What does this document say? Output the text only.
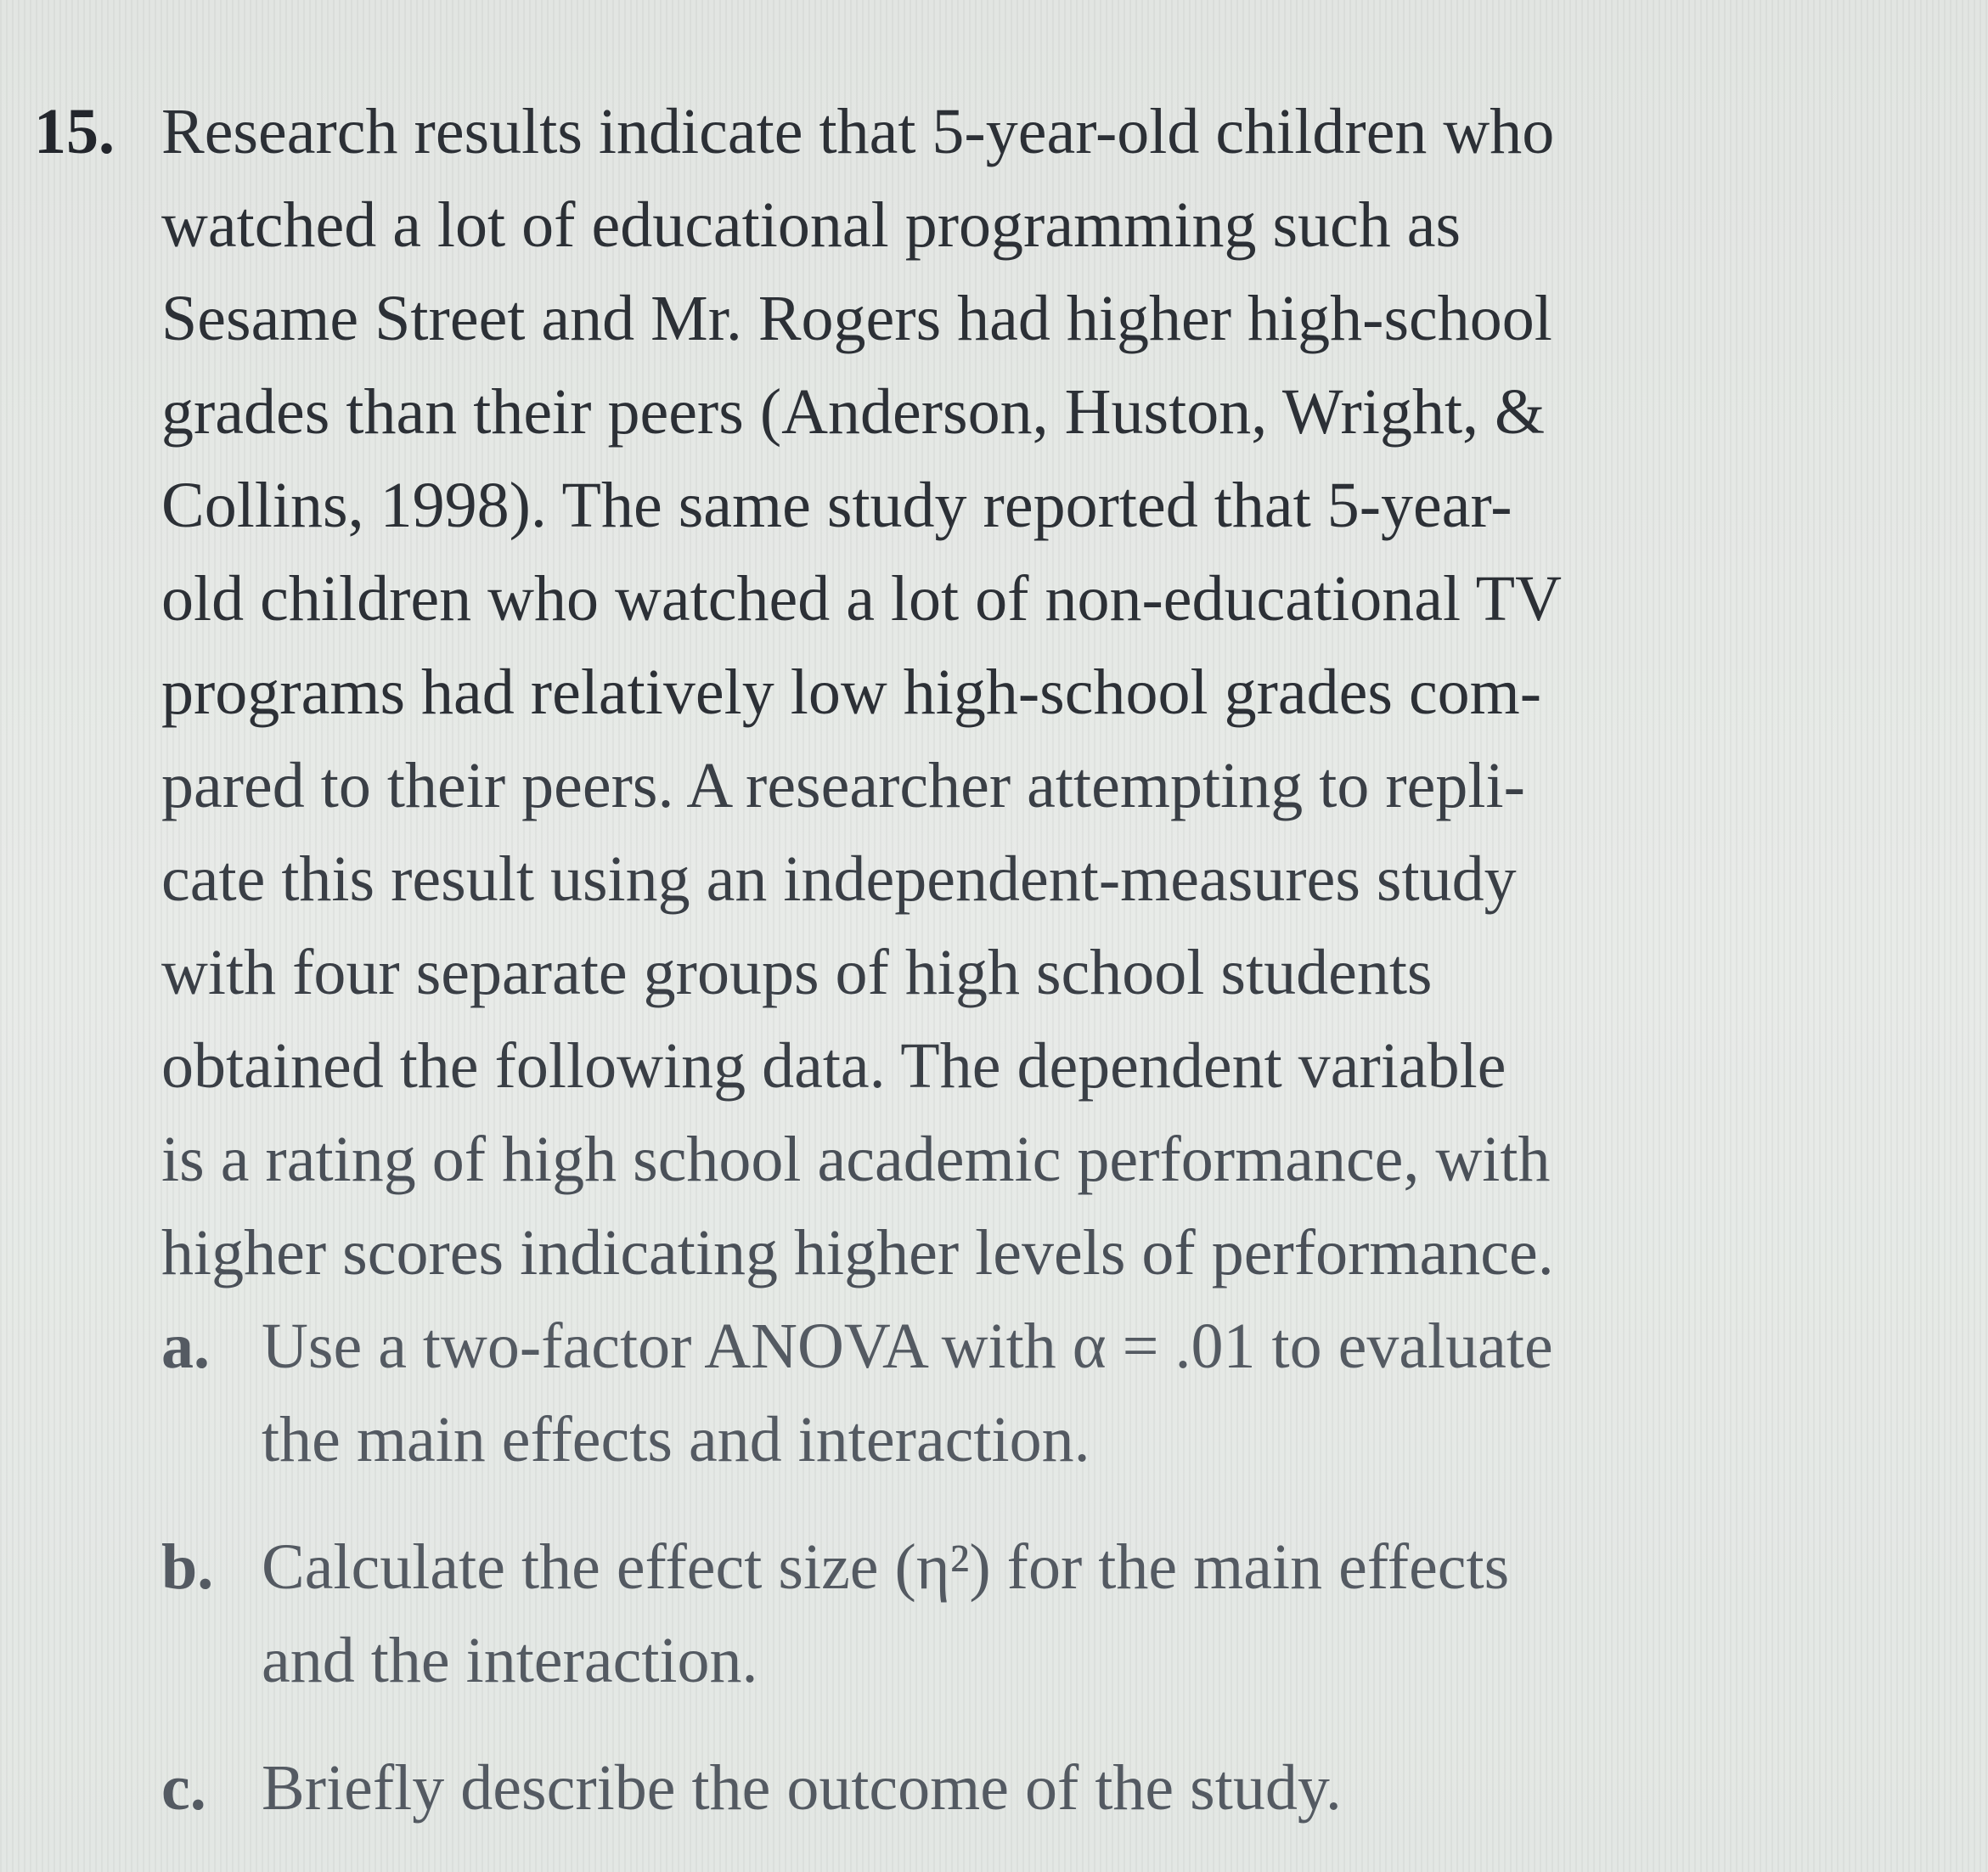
15. Research results indicate that 5-year-old children who
watched a lot of educational programming such as
Sesame Street and Mr. Rogers had higher high-school
grades than their peers (Anderson, Huston, Wright, &
Collins, 1998). The same study reported that 5-year-
old children who watched a lot of non-educational TV
programs had relatively low high-school grades com-
pared to their peers. A researcher attempting to repli-
cate this result using an independent-measures study
with four separate groups of high school students
obtained the following data. The dependent variable
is a rating of high school academic performance, with
higher scores indicating higher levels of performance.
a. Use a two-factor ANOVA with α = .01 to evaluate
the main effects and interaction.
b. Calculate the effect size (η²) for the main effects
and the interaction.
c. Briefly describe the outcome of the study.
